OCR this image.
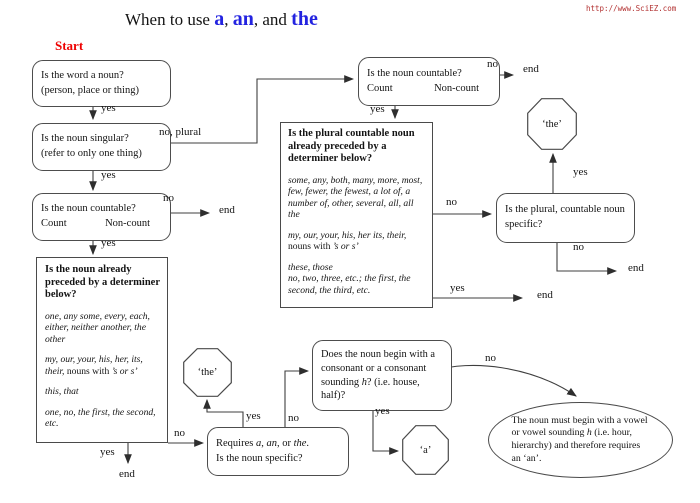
http://www.SciEZ.com
When to use a, an, and the
Start
Is the word a noun?
(person, place or thing)
Is the noun singular?
(refer to only one thing)
Is the noun countable?
Count	Non-count
Is the noun already preceded by a determiner below?

one, any some, every, each, either, neither another, the other

my, our, your, his, her, its, their, nouns with ’s or s’

this, that

one, no, the first, the second, etc.

Is the plural countable noun already preceded by a determiner below?

some, any, both, many, more, most, few, fewer, the fewest, a lot of, a number of, other, several, all, all the

my, our, your, his, her its, their, nouns with ’s or s’

these, those

no, two, three, etc.; the first, the second, the third, etc.

Is the noun countable?
Count	Non-count
Is the plural, countable noun specific?
Requires a, an, or the.
Is the noun specific?
Does the noun begin with a consonant or a consonant sounding h? (i.e. house, half)?
‘the’
‘the’
‘a’
The noun must begin with a vowel or vowel sounding h (i.e. hour, hierarchy) and therefore requires an ‘an’.
yes
yes
no, plural
no
end
yes
yes
end
no
yes no
yes
no
yes
no end
no
yes
end
yes
no
end
